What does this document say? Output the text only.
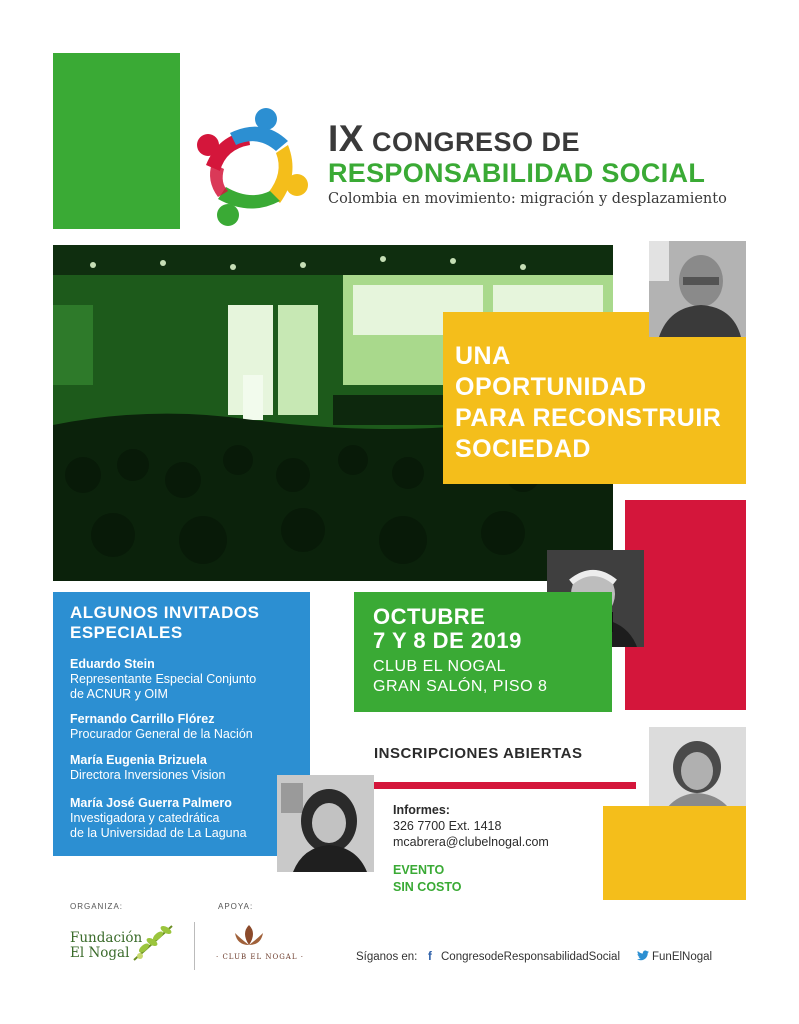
IX CONGRESO DE
RESPONSABILIDAD SOCIAL
Colombia en movimiento: migración y desplazamiento
UNA
OPORTUNIDAD
PARA RECONSTRUIR
SOCIEDAD
ALGUNOS INVITADOS
ESPECIALES
Eduardo Stein
Representante Especial Conjunto
de ACNUR y OIM
Fernando Carrillo Flórez
Procurador General de la Nación
María Eugenia Brizuela
Directora Inversiones Vision
María José Guerra Palmero
Investigadora y catedrática
de la Universidad de La Laguna
OCTUBRE
7 Y 8 DE 2019
CLUB EL NOGAL
GRAN SALÓN, PISO 8
INSCRIPCIONES ABIERTAS
Informes:
326 7700 Ext. 1418
mcabrera@clubelnogal.com
EVENTO
SIN COSTO
ORGANIZA:	APOYA:
Fundación
El Nogal	· CLUB EL NOGAL ·	Síganos en: f CongresodeResponsabilidadSocial	FunElNogal
